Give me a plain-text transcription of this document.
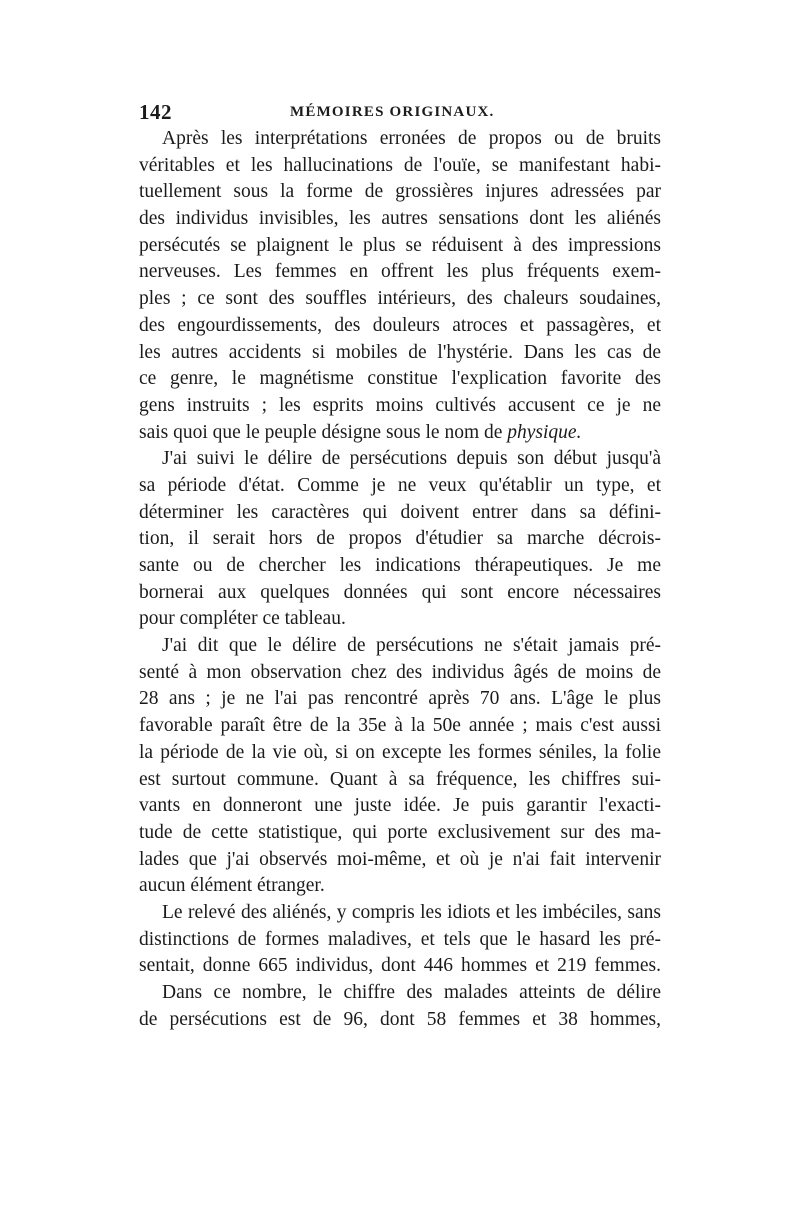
142	MÉMOIRES ORIGINAUX.
Après les interprétations erronées de propos ou de bruits
véritables et les hallucinations de l'ouïe, se manifestant habi-
tuellement sous la forme de grossières injures adressées par
des individus invisibles, les autres sensations dont les aliénés
persécutés se plaignent le plus se réduisent à des impressions
nerveuses. Les femmes en offrent les plus fréquents exem-
ples ; ce sont des souffles intérieurs, des chaleurs soudaines,
des engourdissements, des douleurs atroces et passagères, et
les autres accidents si mobiles de l'hystérie. Dans les cas de
ce genre, le magnétisme constitue l'explication favorite des
gens instruits ; les esprits moins cultivés accusent ce je ne
sais quoi que le peuple désigne sous le nom de physique.
J'ai suivi le délire de persécutions depuis son début jusqu'à
sa période d'état. Comme je ne veux qu'établir un type, et
déterminer les caractères qui doivent entrer dans sa défini-
tion, il serait hors de propos d'étudier sa marche décrois-
sante ou de chercher les indications thérapeutiques. Je me
bornerai aux quelques données qui sont encore nécessaires
pour compléter ce tableau.
J'ai dit que le délire de persécutions ne s'était jamais pré-
senté à mon observation chez des individus âgés de moins de
28 ans ; je ne l'ai pas rencontré après 70 ans. L'âge le plus
favorable paraît être de la 35e à la 50e année ; mais c'est aussi
la période de la vie où, si on excepte les formes séniles, la folie
est surtout commune. Quant à sa fréquence, les chiffres sui-
vants en donneront une juste idée. Je puis garantir l'exacti-
tude de cette statistique, qui porte exclusivement sur des ma-
lades que j'ai observés moi-même, et où je n'ai fait intervenir
aucun élément étranger.
Le relevé des aliénés, y compris les idiots et les imbéciles, sans
distinctions de formes maladives, et tels que le hasard les pré-
sentait, donne 665 individus, dont 446 hommes et 219 femmes.
Dans ce nombre, le chiffre des malades atteints de délire
de persécutions est de 96, dont 58 femmes et 38 hommes,
